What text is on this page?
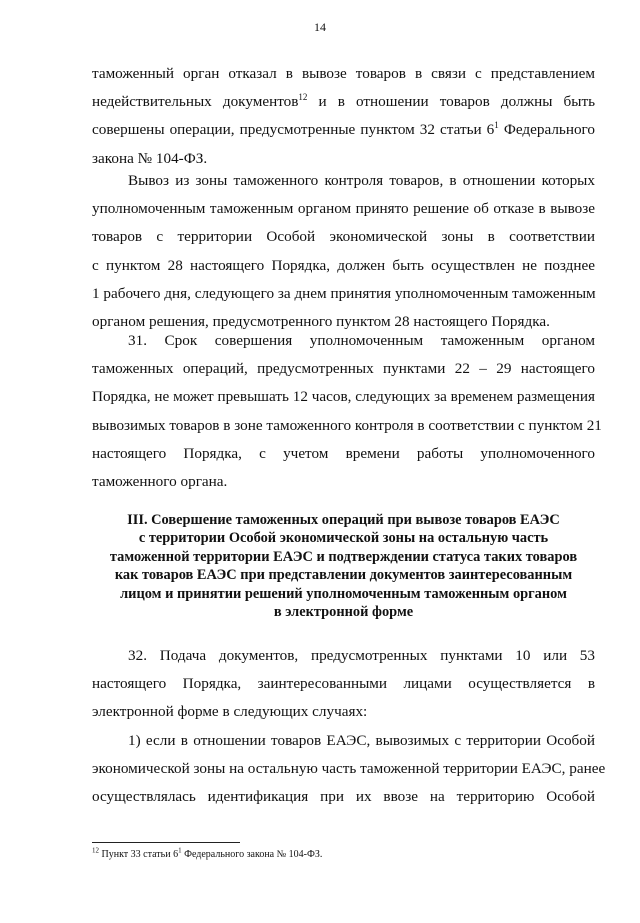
14
таможенный орган отказал в вывозе товаров в связи с представлением
недействительных документов$^{12}$ и в отношении товаров должны быть
совершены операции, предусмотренные пунктом 32 статьи $6^1$ Федерального
закона № 104-ФЗ.
Вывоз из зоны таможенного контроля товаров, в отношении которых
уполномоченным таможенным органом принято решение об отказе в вывозе
товаров с территории Особой экономической зоны в соответствии
с пунктом 28 настоящего Порядка, должен быть осуществлен не позднее
1 рабочего дня, следующего за днем принятия уполномоченным таможенным
органом решения, предусмотренного пунктом 28 настоящего Порядка.
31. Срок совершения уполномоченным таможенным органом
таможенных операций, предусмотренных пунктами 22 – 29 настоящего
Порядка, не может превышать 12 часов, следующих за временем размещения
вывозимых товаров в зоне таможенного контроля в соответствии с пунктом 21
настоящего Порядка, с учетом времени работы уполномоченного
таможенного органа.
III. Совершение таможенных операций при вывозе товаров ЕАЭС
с территории Особой экономической зоны на остальную часть
таможенной территории ЕАЭС и подтверждении статуса таких товаров
как товаров ЕАЭС при представлении документов заинтересованным
лицом и принятии решений уполномоченным таможенным органом
в электронной форме
32. Подача документов, предусмотренных пунктами 10 или 53
настоящего Порядка, заинтересованными лицами осуществляется в
электронной форме в следующих случаях:
1) если в отношении товаров ЕАЭС, вывозимых с территории Особой
экономической зоны на остальную часть таможенной территории ЕАЭС, ранее
осуществлялась идентификация при их ввозе на территорию Особой
$^{12}$ Пункт 33 статьи $6^1$ Федерального закона № 104-ФЗ.
